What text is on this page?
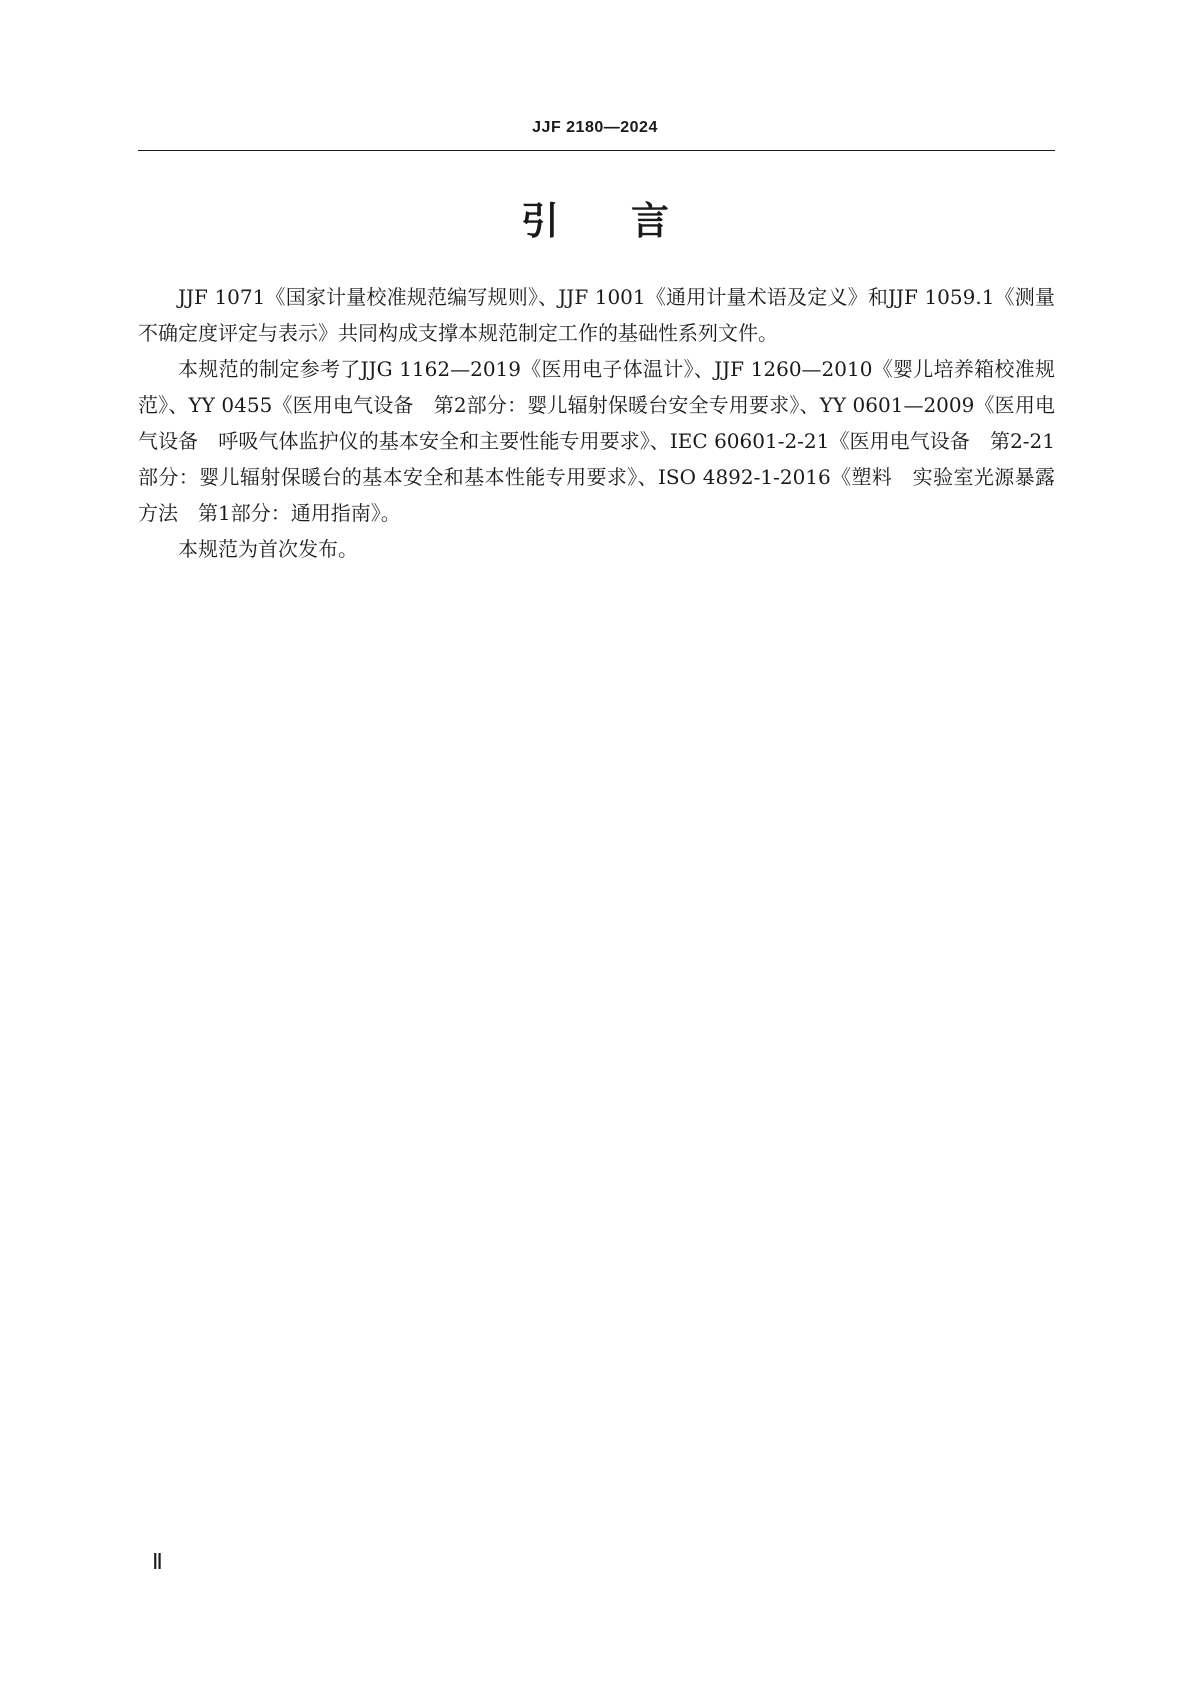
JJF 2180—2024
引言

JJF 1071《国家计量校准规范编写规则》、JJF 1001《通用计量术语及定义》和JJF 1059.1《测量不确定度评定与表示》共同构成支撑本规范制定工作的基础性系列文件。

本规范的制定参考了JJG 1162—2019《医用电子体温计》、JJF 1260—2010《婴儿培养箱校准规范》、YY 0455《医用电气设备　第2部分：婴儿辐射保暖台安全专用要求》、YY 0601—2009《医用电气设备　呼吸气体监护仪的基本安全和主要性能专用要求》、IEC 60601-2-21《医用电气设备　第2-21部分：婴儿辐射保暖台的基本安全和基本性能专用要求》、ISO 4892-1-2016《塑料　实验室光源暴露方法　第1部分：通用指南》。

本规范为首次发布。

Ⅱ
